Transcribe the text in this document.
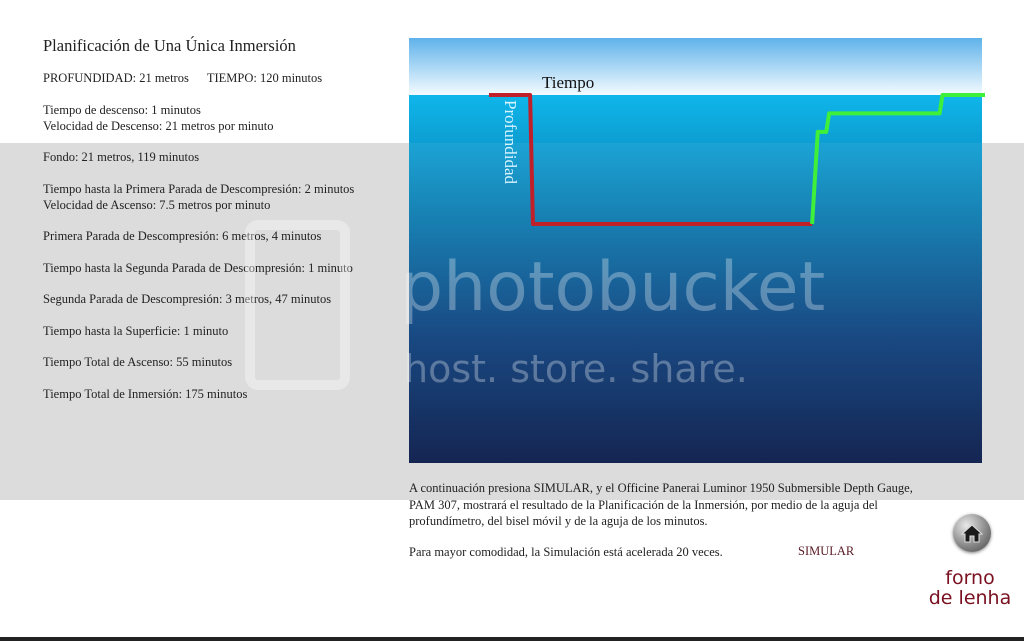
Planificación de Una Única Inmersión

PROFUNDIDAD: 21 metros TIEMPO: 120 minutos

Tiempo de descenso: 1 minutos
Velocidad de Descenso: 21 metros por minuto

Fondo: 21 metros, 119 minutos

Tiempo hasta la Primera Parada de Descompresión: 2 minutos
Velocidad de Ascenso: 7.5 metros por minuto

Primera Parada de Descompresión: 6 metros, 4 minutos

Tiempo hasta la Segunda Parada de Descompresión: 1 minuto

Segunda Parada de Descompresión: 3 metros, 47 minutos

Tiempo hasta la Superficie: 1 minuto

Tiempo Total de Ascenso: 55 minutos

Tiempo Total de Inmersión: 175 minutos

Tiempo
Profundidad
photobucket
host. store. share.

A continuación presiona SIMULAR, y el Officine Panerai Luminor 1950 Submersible Depth Gauge, PAM 307, mostrará el resultado de la Planificación de la Inmersión, por medio de la aguja del profundímetro, del bisel móvil y de la aguja de los minutos.

Para mayor comodidad, la Simulación está acelerada 20 veces.	SIMULAR
forno
de lenha
